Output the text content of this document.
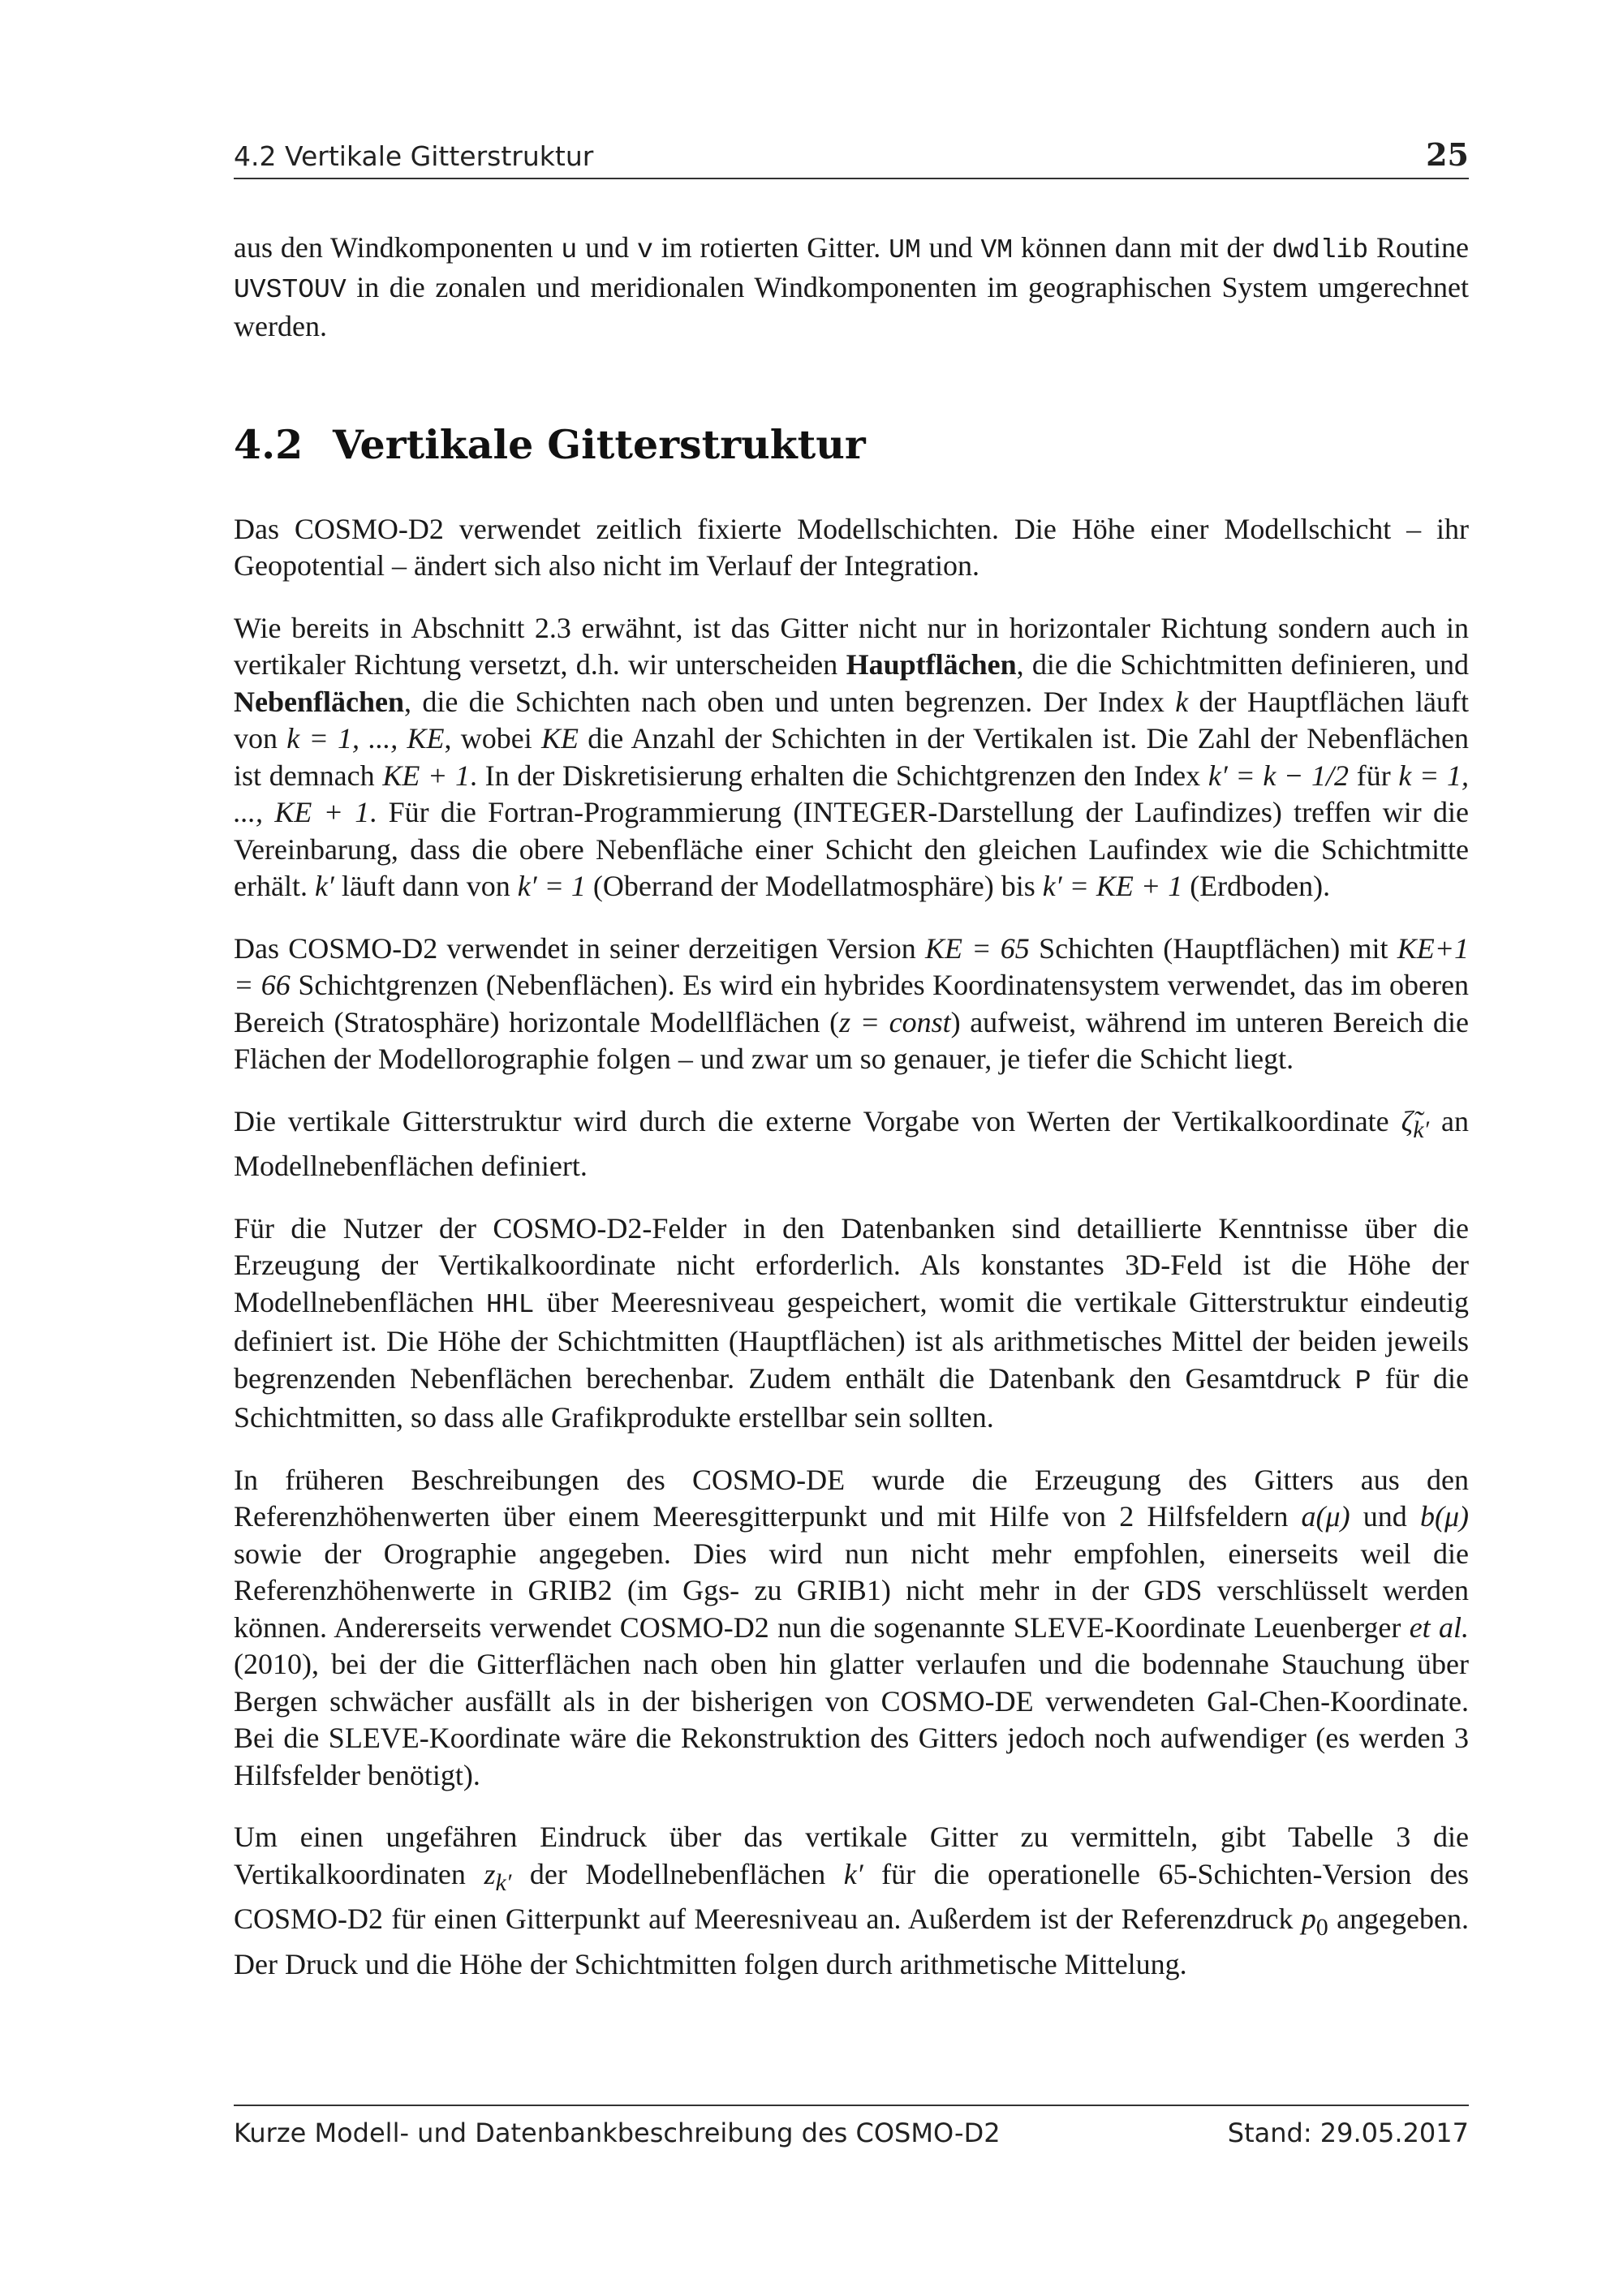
4.2 Vertikale Gitterstruktur	25

aus den Windkomponenten u und v im rotierten Gitter. UM und VM können dann mit der dwdlib Routine UVSTOUV in die zonalen und meridionalen Windkomponenten im geographischen System umgerechnet werden.

4.2 Vertikale Gitterstruktur

Das COSMO-D2 verwendet zeitlich fixierte Modellschichten. Die Höhe einer Modellschicht – ihr Geopotential – ändert sich also nicht im Verlauf der Integration.

Wie bereits in Abschnitt 2.3 erwähnt, ist das Gitter nicht nur in horizontaler Richtung sondern auch in vertikaler Richtung versetzt, d.h. wir unterscheiden Hauptflächen, die die Schichtmitten definieren, und Nebenflächen, die die Schichten nach oben und unten begrenzen. Der Index k der Hauptflächen läuft von k = 1, ..., KE, wobei KE die Anzahl der Schichten in der Vertikalen ist. Die Zahl der Nebenflächen ist demnach KE + 1. In der Diskretisierung erhalten die Schichtgrenzen den Index k′ = k − 1/2 für k = 1, ..., KE + 1. Für die Fortran-Programmierung (INTEGER-Darstellung der Laufindizes) treffen wir die Vereinbarung, dass die obere Nebenfläche einer Schicht den gleichen Laufindex wie die Schichtmitte erhält. k′ läuft dann von k′ = 1 (Oberrand der Modellatmosphäre) bis k′ = KE + 1 (Erdboden).

Das COSMO-D2 verwendet in seiner derzeitigen Version KE = 65 Schichten (Hauptflächen) mit KE+1 = 66 Schichtgrenzen (Nebenflächen). Es wird ein hybrides Koordinatensystem verwendet, das im oberen Bereich (Stratosphäre) horizontale Modellflächen (z = const) aufweist, während im unteren Bereich die Flächen der Modellorographie folgen – und zwar um so genauer, je tiefer die Schicht liegt.

Die vertikale Gitterstruktur wird durch die externe Vorgabe von Werten der Vertikalkoordinate $\zetã_{k'}$ an Modellnebenflächen definiert.

Für die Nutzer der COSMO-D2-Felder in den Datenbanken sind detaillierte Kenntnisse über die Erzeugung der Vertikalkoordinate nicht erforderlich. Als konstantes 3D-Feld ist die Höhe der Modellnebenflächen HHL über Meeresniveau gespeichert, womit die vertikale Gitterstruktur eindeutig definiert ist. Die Höhe der Schichtmitten (Hauptflächen) ist als arithmetisches Mittel der beiden jeweils begrenzenden Nebenflächen berechenbar. Zudem enthält die Datenbank den Gesamtdruck P für die Schichtmitten, so dass alle Grafikprodukte erstellbar sein sollten.

In früheren Beschreibungen des COSMO-DE wurde die Erzeugung des Gitters aus den Referenzhöhenwerten über einem Meeresgitterpunkt und mit Hilfe von 2 Hilfsfeldern a(μ) und b(μ) sowie der Orographie angegeben. Dies wird nun nicht mehr empfohlen, einerseits weil die Referenzhöhenwerte in GRIB2 (im Ggs- zu GRIB1) nicht mehr in der GDS verschlüsselt werden können. Andererseits verwendet COSMO-D2 nun die sogenannte SLEVE-Koordinate Leuenberger et al. (2010), bei der die Gitterflächen nach oben hin glatter verlaufen und die bodennahe Stauchung über Bergen schwächer ausfällt als in der bisherigen von COSMO-DE verwendeten Gal-Chen-Koordinate. Bei die SLEVE-Koordinate wäre die Rekonstruktion des Gitters jedoch noch aufwendiger (es werden 3 Hilfsfelder benötigt).

Um einen ungefähren Eindruck über das vertikale Gitter zu vermitteln, gibt Tabelle 3 die Vertikalkoordinaten $z_{k'}$ der Modellnebenflächen k′ für die operationelle 65-Schichten-Version des COSMO-D2 für einen Gitterpunkt auf Meeresniveau an. Außerdem ist der Referenzdruck $p_0$ angegeben. Der Druck und die Höhe der Schichtmitten folgen durch arithmetische Mittelung.

Kurze Modell- und Datenbankbeschreibung des COSMO-D2	Stand: 29.05.2017
